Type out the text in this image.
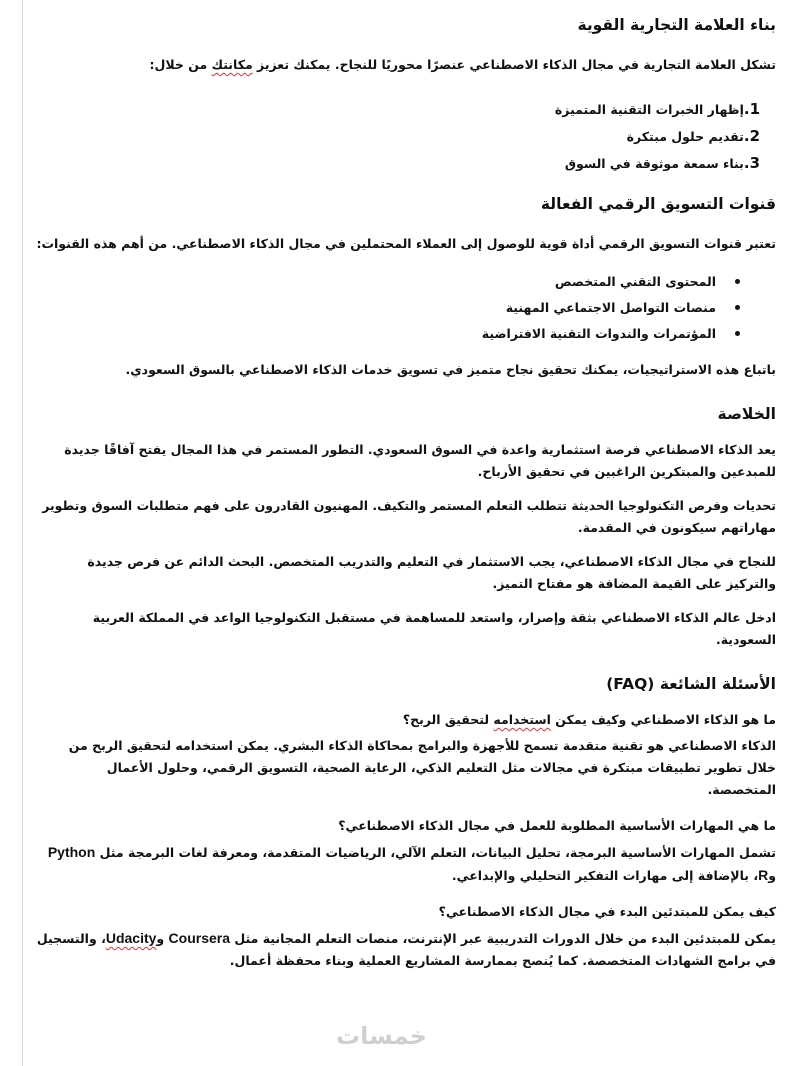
بناء العلامة التجارية القوية

تشكل العلامة التجارية في مجال الذكاء الاصطناعي عنصرًا محوريًا للنجاح. يمكنك تعزيز مكانتك من خلال:

1.إظهار الخبرات التقنية المتميزة
2.تقديم حلول مبتكرة
3.بناء سمعة موثوقة في السوق
قنوات التسويق الرقمي الفعالة

تعتبر قنوات التسويق الرقمي أداة قوية للوصول إلى العملاء المحتملين في مجال الذكاء الاصطناعي. من أهم هذه القنوات:

المحتوى التقني المتخصص
منصات التواصل الاجتماعي المهنية
المؤتمرات والندوات التقنية الافتراضية

باتباع هذه الاستراتيجيات، يمكنك تحقيق نجاح متميز في تسويق خدمات الذكاء الاصطناعي بالسوق السعودي.

الخلاصة

يعد الذكاء الاصطناعي فرصة استثمارية واعدة في السوق السعودي. التطور المستمر في هذا المجال يفتح آفاقًا جديدة للمبدعين والمبتكرين الراغبين في تحقيق الأرباح.

تحديات وفرص التكنولوجيا الحديثة تتطلب التعلم المستمر والتكيف. المهنيون القادرون على فهم متطلبات السوق وتطوير مهاراتهم سيكونون في المقدمة.

للنجاح في مجال الذكاء الاصطناعي، يجب الاستثمار في التعليم والتدريب المتخصص. البحث الدائم عن فرص جديدة والتركيز على القيمة المضافة هو مفتاح التميز.

ادخل عالم الذكاء الاصطناعي بثقة وإصرار، واستعد للمساهمة في مستقبل التكنولوجيا الواعد في المملكة العربية السعودية.

الأسئلة الشائعة (FAQ)

ما هو الذكاء الاصطناعي وكيف يمكن استخدامه لتحقيق الربح؟

الذكاء الاصطناعي هو تقنية متقدمة تسمح للأجهزة والبرامج بمحاكاة الذكاء البشري. يمكن استخدامه لتحقيق الربح من خلال تطوير تطبيقات مبتكرة في مجالات مثل التعليم الذكي، الرعاية الصحية، التسويق الرقمي، وحلول الأعمال المتخصصة.

ما هي المهارات الأساسية المطلوبة للعمل في مجال الذكاء الاصطناعي؟

تشمل المهارات الأساسية البرمجة، تحليل البيانات، التعلم الآلي، الرياضيات المتقدمة، ومعرفة لغات البرمجة مثل Python وR، بالإضافة إلى مهارات التفكير التحليلي والإبداعي.

كيف يمكن للمبتدئين البدء في مجال الذكاء الاصطناعي؟

يمكن للمبتدئين البدء من خلال الدورات التدريبية عبر الإنترنت، منصات التعلم المجانية مثل Coursera وUdacity، والتسجيل في برامج الشهادات المتخصصة. كما يُنصح بممارسة المشاريع العملية وبناء محفظة أعمال.

خمسات
